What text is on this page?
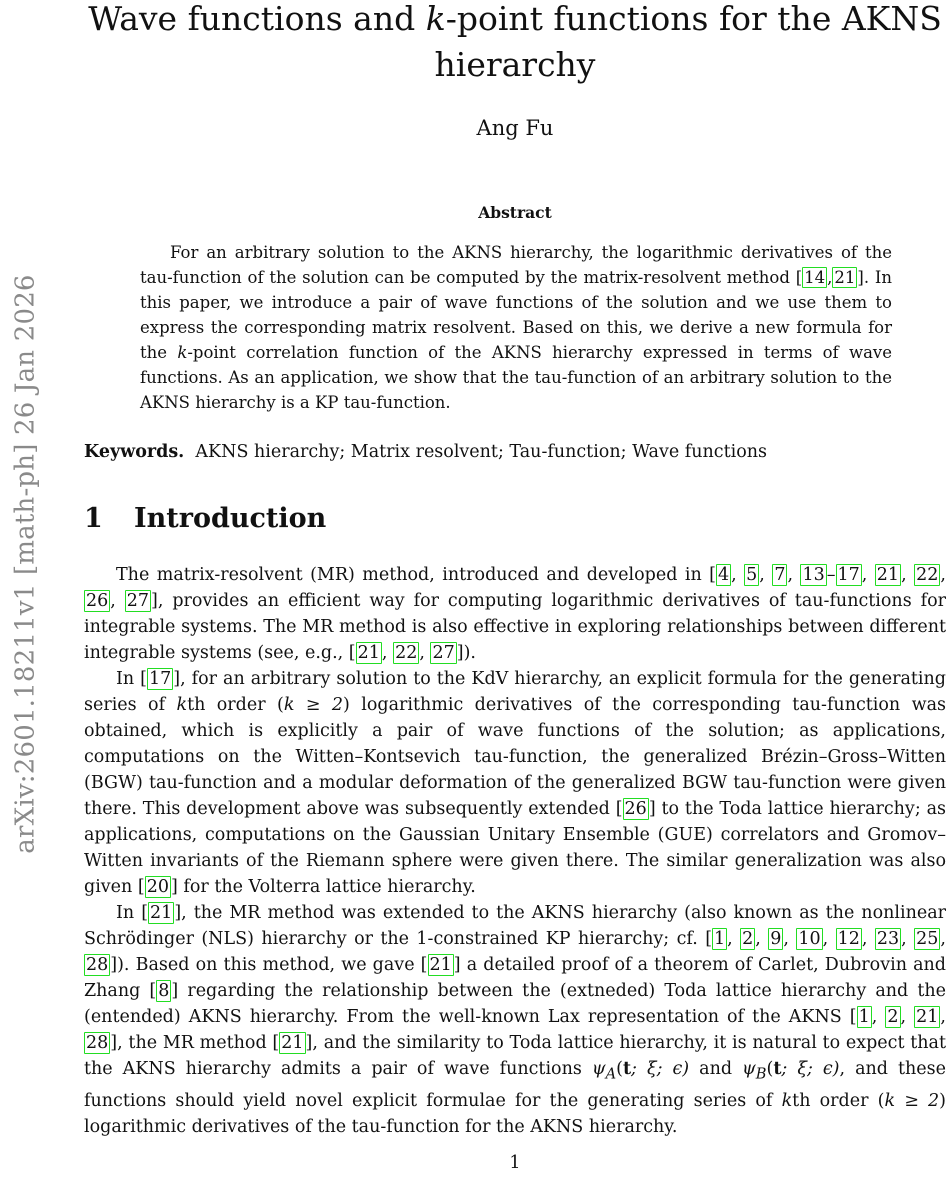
arXiv:2601.18211v1 [math-ph] 26 Jan 2026
Wave functions and k-point functions for the AKNS hierarchy
Ang Fu
Abstract

For an arbitrary solution to the AKNS hierarchy, the logarithmic derivatives of the tau-function of the solution can be computed by the matrix-resolvent method [ 14 , 21 ]. In this paper, we introduce a pair of wave functions of the solution and we use them to express the corresponding matrix resolvent. Based on this, we derive a new formula for the k-point correlation function of the AKNS hierarchy expressed in terms of wave functions. As an application, we show that the tau-function of an arbitrary solution to the AKNS hierarchy is a KP tau-function.

Keywords. AKNS hierarchy; Matrix resolvent; Tau-function; Wave functions
1 Introduction

The matrix-resolvent (MR) method, introduced and developed in [ 4 , 5 , 7 , 13 – 17 , 21 , 22 , 26 , 27 ], provides an efficient way for computing logarithmic derivatives of tau-functions for integrable systems. The MR method is also effective in exploring relationships between different integrable systems (see, e.g., [ 21 , 22 , 27 ]).

In [ 17 ], for an arbitrary solution to the KdV hierarchy, an explicit formula for the generating series of kth order (k ≥ 2) logarithmic derivatives of the corresponding tau-function was obtained, which is explicitly a pair of wave functions of the solution; as applications, computations on the Witten–Kontsevich tau-function, the generalized Brézin–Gross–Witten (BGW) tau-function and a modular deformation of the generalized BGW tau-function were given there. This development above was subsequently extended [ 26 ] to the Toda lattice hierarchy; as applications, computations on the Gaussian Unitary Ensemble (GUE) correlators and Gromov–Witten invariants of the Riemann sphere were given there. The similar generalization was also given [ 20 ] for the Volterra lattice hierarchy.

In [ 21 ], the MR method was extended to the AKNS hierarchy (also known as the nonlinear Schrödinger (NLS) hierarchy or the 1-constrained KP hierarchy; cf. [ 1 , 2 , 9 , 10 , 12 , 23 , 25 , 28 ]). Based on this method, we gave [ 21 ] a detailed proof of a theorem of Carlet, Dubrovin and Zhang [ 8 ] regarding the relationship between the (extneded) Toda lattice hierarchy and the (entended) AKNS hierarchy. From the well-known Lax representation of the AKNS [ 1 , 2 , 21 , 28 ], the MR method [ 21 ], and the similarity to Toda lattice hierarchy, it is natural to expect that the AKNS hierarchy admits a pair of wave functions $\psi_A(t$; ξ; ϵ) and $\psi_B(t$; ξ; ϵ), and these functions should yield novel explicit formulae for the generating series of kth order (k ≥ 2) logarithmic derivatives of the tau-function for the AKNS hierarchy.

1
